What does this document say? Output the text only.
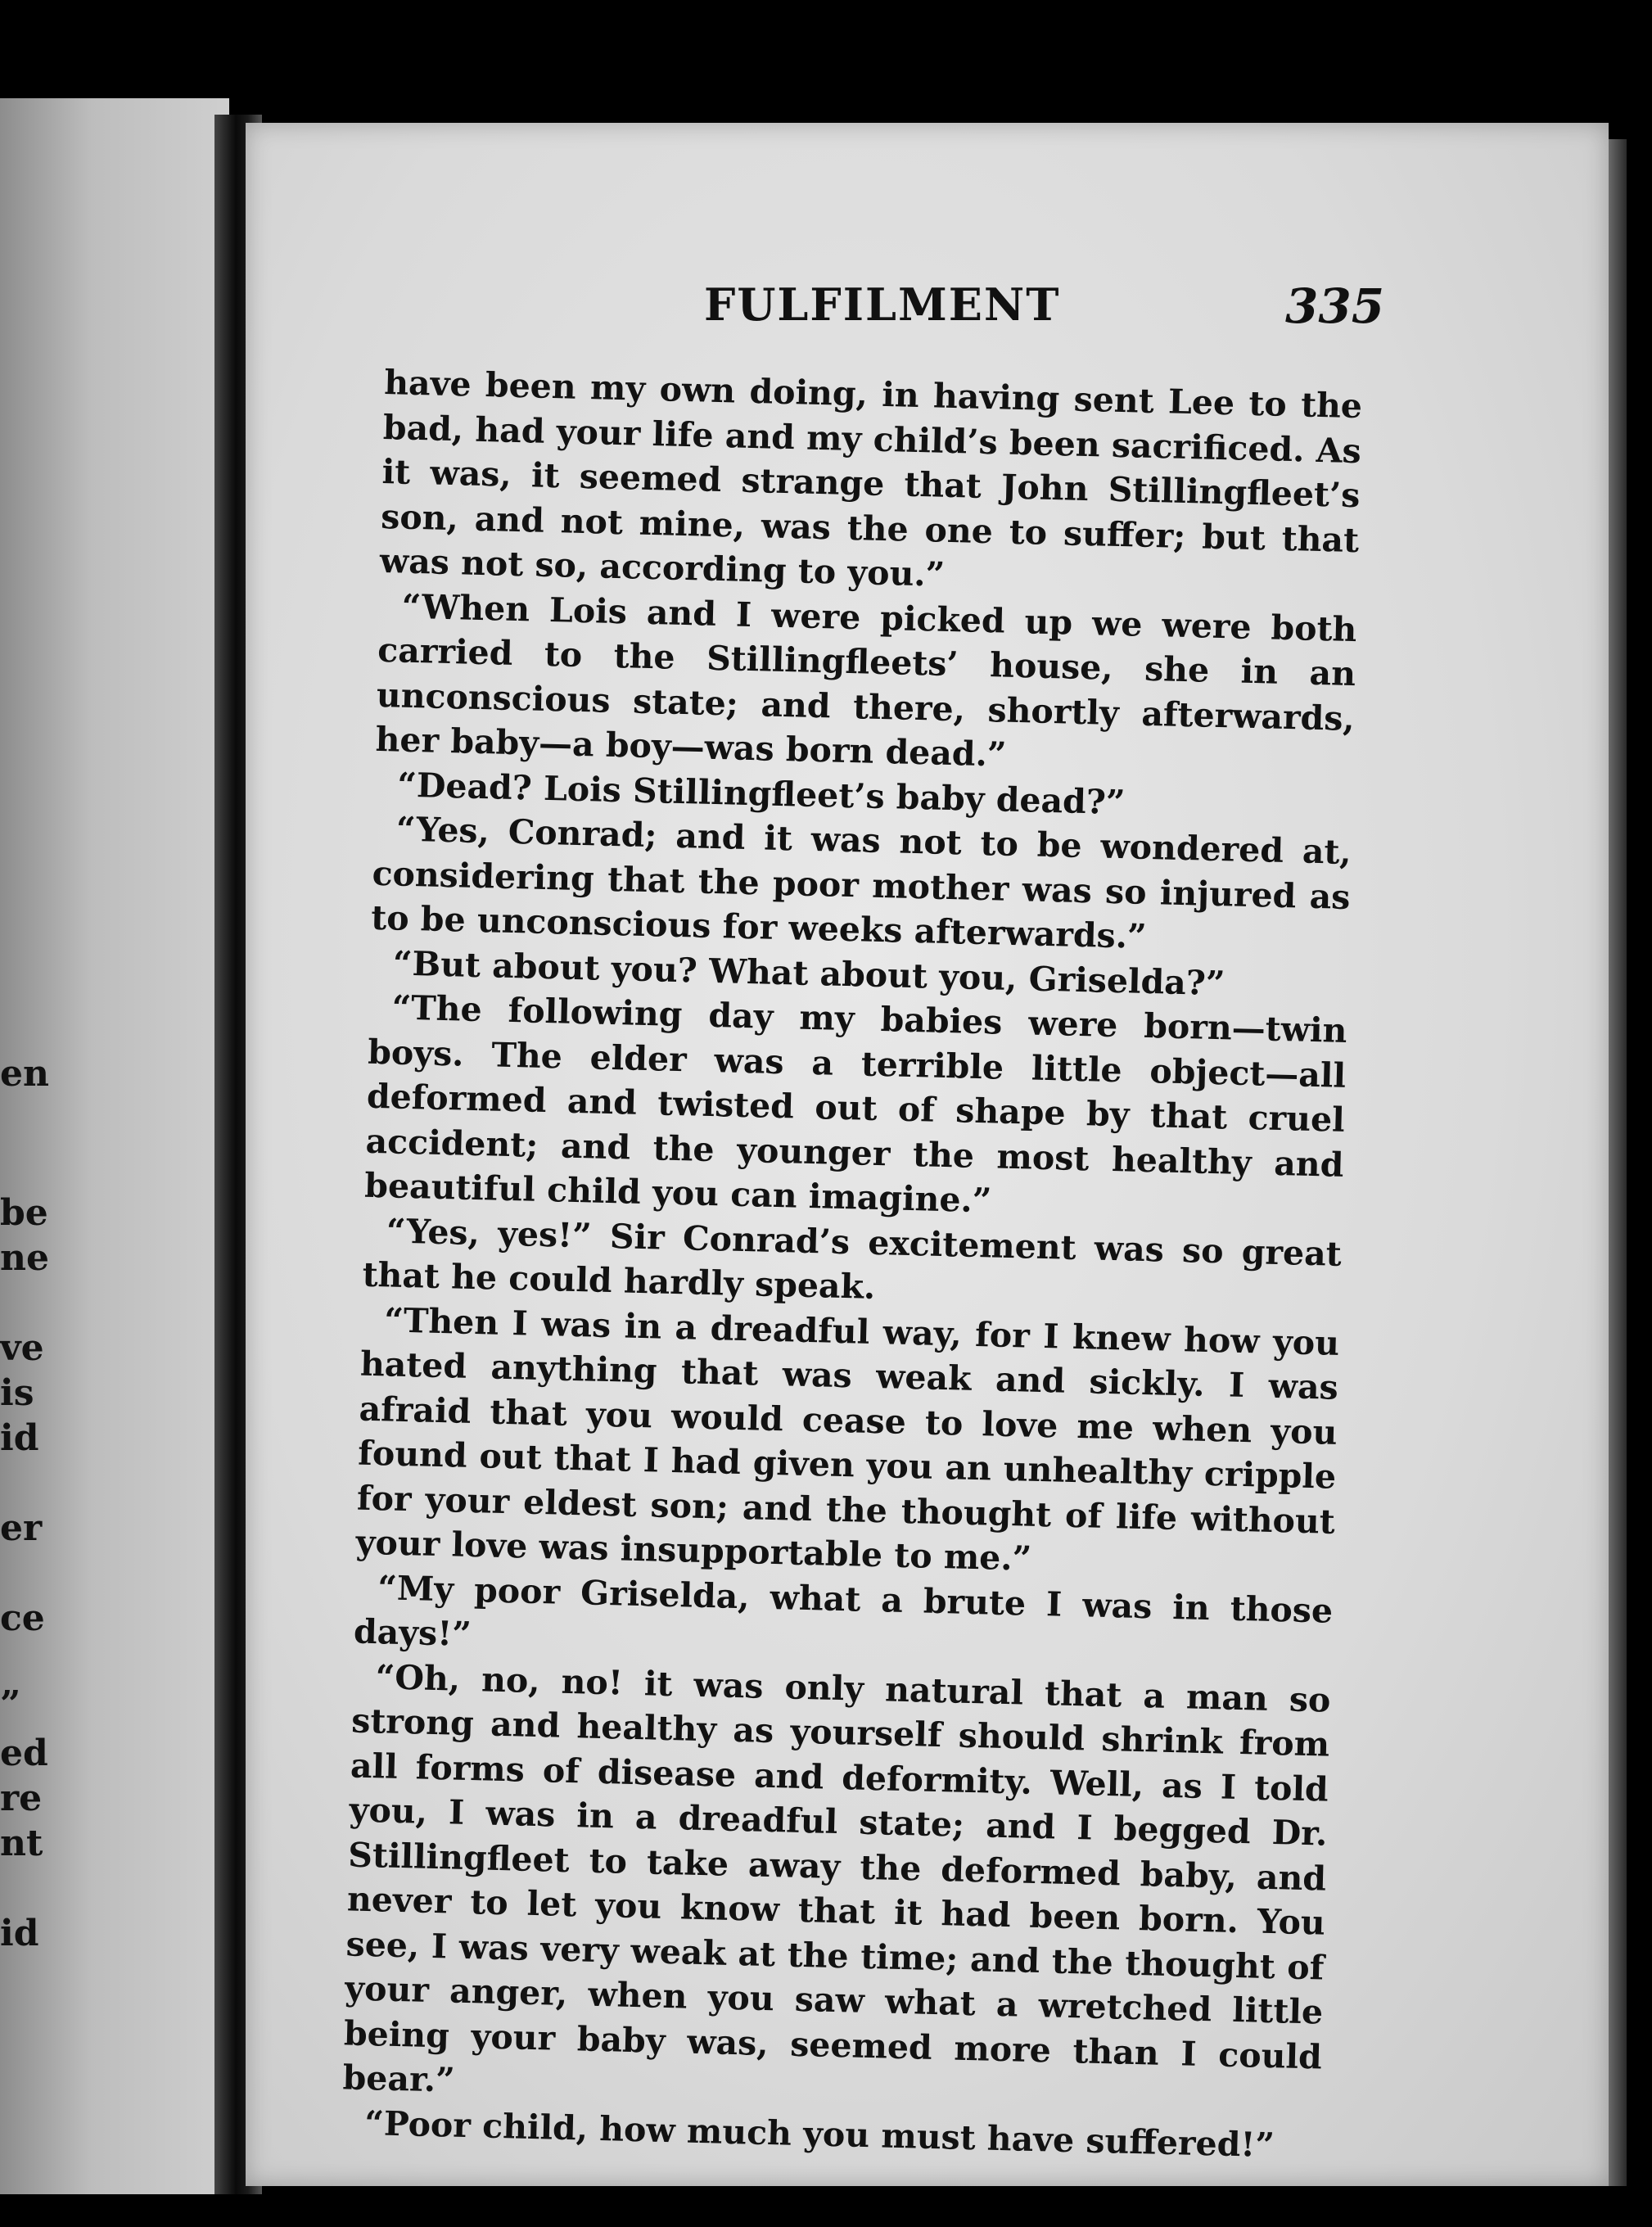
en
be
ne
ve
is
id
er
ce
”
ed
re
nt
id
FULFILMENT	335

have been my own doing, in having sent Lee to the bad, had your life and my child’s been sacrificed. As it was, it seemed strange that John Stillingfleet’s son, and not mine, was the one to suffer; but that was not so, according to you.”

“When Lois and I were picked up we were both carried to the Stillingfleets’ house, she in an unconscious state; and there, shortly afterwards, her baby—a boy—was born dead.”

“Dead? Lois Stillingfleet’s baby dead?”

“Yes, Conrad; and it was not to be wondered at, considering that the poor mother was so injured as to be unconscious for weeks afterwards.”

“But about you? What about you, Griselda?”

“The following day my babies were born—twin boys. The elder was a terrible little object—all deformed and twisted out of shape by that cruel accident; and the younger the most healthy and beautiful child you can imagine.”

“Yes, yes!” Sir Conrad’s excitement was so great that he could hardly speak.

“Then I was in a dreadful way, for I knew how you hated anything that was weak and sickly. I was afraid that you would cease to love me when you found out that I had given you an unhealthy cripple for your eldest son; and the thought of life without your love was insupportable to me.”

“My poor Griselda, what a brute I was in those days!”

“Oh, no, no! it was only natural that a man so strong and healthy as yourself should shrink from all forms of disease and deformity. Well, as I told you, I was in a dreadful state; and I begged Dr. Stillingfleet to take away the deformed baby, and never to let you know that it had been born. You see, I was very weak at the time; and the thought of your anger, when you saw what a wretched little being your baby was, seemed more than I could bear.”

“Poor child, how much you must have suffered!”
